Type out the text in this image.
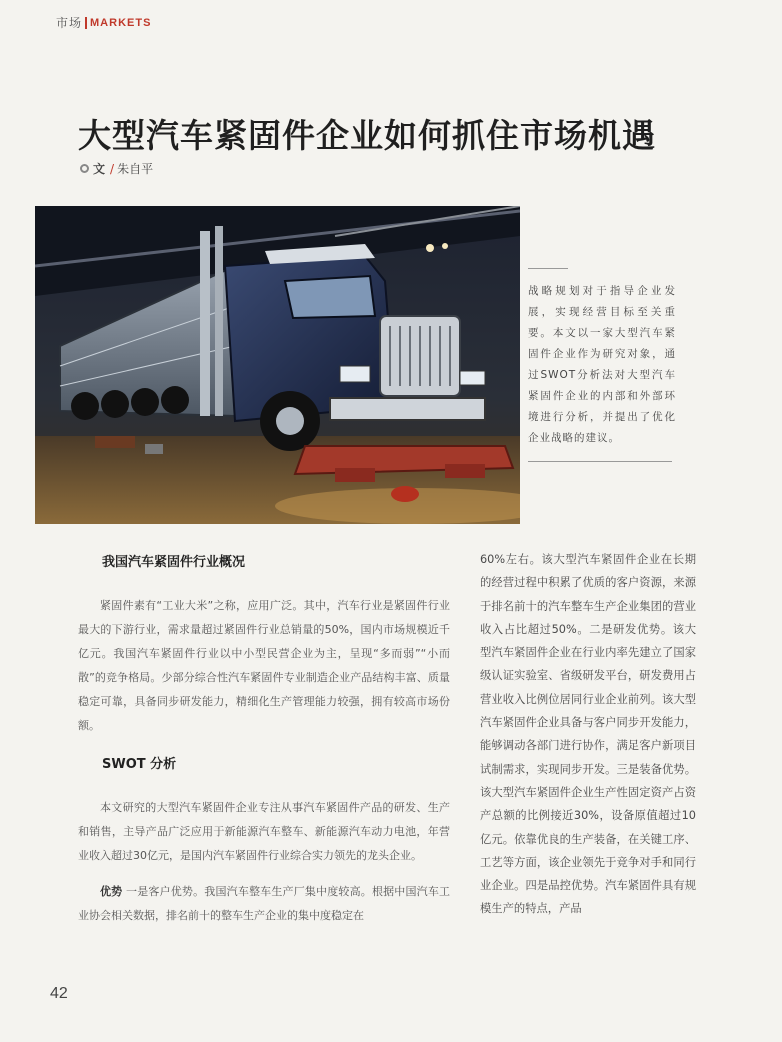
市场 MARKETS
大型汽车紧固件企业如何抓住市场机遇
文 / 朱自平

战略规划对于指导企业发展，实现经营目标至关重要。本文以一家大型汽车紧固件企业作为研究对象，通过SWOT分析法对大型汽车紧固件企业的内部和外部环境进行分析，并提出了优化企业战略的建议。

我国汽车紧固件行业概况

紧固件素有“工业大米”之称，应用广泛。其中，汽车行业是紧固件行业最大的下游行业，需求量超过紧固件行业总销量的50%，国内市场规模近千亿元。我国汽车紧固件行业以中小型民营企业为主，呈现“多而弱”“小而散”的竞争格局。少部分综合性汽车紧固件专业制造企业产品结构丰富、质量稳定可靠，具备同步研发能力，精细化生产管理能力较强，拥有较高市场份额。

SWOT 分析

本文研究的大型汽车紧固件企业专注从事汽车紧固件产品的研发、生产和销售，主导产品广泛应用于新能源汽车整车、新能源汽车动力电池，年营业收入超过30亿元，是国内汽车紧固件行业综合实力领先的龙头企业。

优势 一是客户优势。我国汽车整车生产厂集中度较高。根据中国汽车工业协会相关数据，排名前十的整车生产企业的集中度稳定在

60%左右。该大型汽车紧固件企业在长期的经营过程中积累了优质的客户资源，来源于排名前十的汽车整车生产企业集团的营业收入占比超过50%。二是研发优势。该大型汽车紧固件企业在行业内率先建立了国家级认证实验室、省级研发平台，研发费用占营业收入比例位居同行业企业前列。该大型汽车紧固件企业具备与客户同步开发能力，能够调动各部门进行协作，满足客户新项目试制需求，实现同步开发。三是装备优势。该大型汽车紧固件企业生产性固定资产占资产总额的比例接近30%，设备原值超过10亿元。依靠优良的生产装备，在关键工序、工艺等方面，该企业领先于竞争对手和同行业企业。四是品控优势。汽车紧固件具有规模生产的特点，产品
42
